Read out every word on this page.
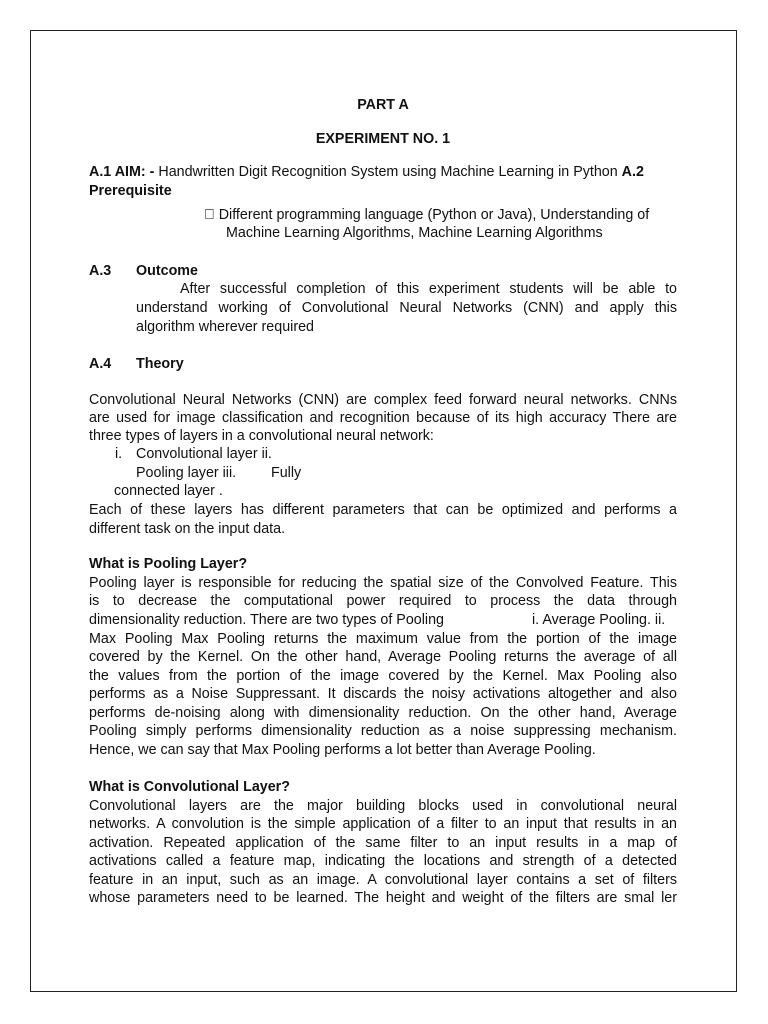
PART A
EXPERIMENT NO. 1
A.1 AIM: - Handwritten Digit Recognition System using Machine Learning in Python A.2
Prerequisite
Different programming language (Python or Java), Understanding of
Machine Learning Algorithms, Machine Learning Algorithms
A.3 Outcome
After successful completion of this experiment students will be able to
understand working of Convolutional Neural Networks (CNN) and apply this
algorithm wherever required
A.4 Theory
Convolutional Neural Networks (CNN) are complex feed forward neural networks. CNNs
are used for image classification and recognition because of its high accuracy There are
three types of layers in a convolutional neural network:
i. Convolutional layer ii.
Pooling layer iii. Fully
connected layer .
Each of these layers has different parameters that can be optimized and performs a
different task on the input data.
What is Pooling Layer?
Pooling layer is responsible for reducing the spatial size of the Convolved Feature. This
is to decrease the computational power required to process the data through
dimensionality reduction. There are two types of Pooling	i. Average Pooling. ii.
Max Pooling Max Pooling returns the maximum value from the portion of the image
covered by the Kernel. On the other hand, Average Pooling returns the average of all
the values from the portion of the image covered by the Kernel. Max Pooling also
performs as a Noise Suppressant. It discards the noisy activations altogether and also
performs de-noising along with dimensionality reduction. On the other hand, Average
Pooling simply performs dimensionality reduction as a noise suppressing mechanism.
Hence, we can say that Max Pooling performs a lot better than Average Pooling.
What is Convolutional Layer?
Convolutional layers are the major building blocks used in convolutional neural
networks. A convolution is the simple application of a filter to an input that results in an
activation. Repeated application of the same filter to an input results in a map of
activations called a feature map, indicating the locations and strength of a detected
feature in an input, such as an image. A convolutional layer contains a set of filters
whose parameters need to be learned. The height and weight of the filters are smal ler
